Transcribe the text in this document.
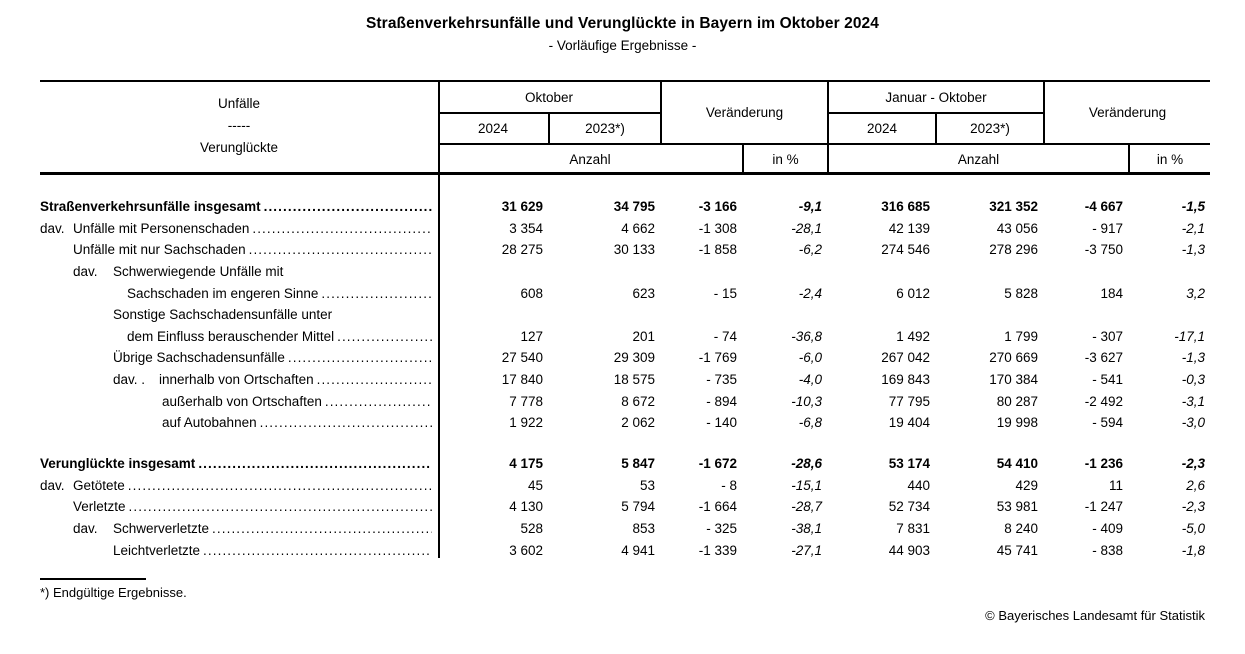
Straßenverkehrsunfälle und Verunglückte in Bayern im Oktober 2024
- Vorläufige Ergebnisse -
Unfälle
-----
Verunglückte
Oktober
Veränderung
Januar - Oktober
Veränderung
2024	2023*)	2024	2023*)
Anzahl	in %	Anzahl	in %
Straßenverkehrsunfälle insgesamt .....	31 629	34 795	-3 166	-9,1	316 685	321 352	-4 667	-1,5
dav. Unfälle mit Personenschaden .....	3 354	4 662	-1 308	-28,1	42 139	43 056	- 917	-2,1
Unfälle mit nur Sachschaden .....	28 275	30 133	-1 858	-6,2	274 546	278 296	-3 750	-1,3
dav.	Schwerwiegende Unfälle mit
Sachschaden im engeren Sinne .....	608	623	- 15	-2,4	6 012	5 828	184	3,2
Sonstige Sachschadensunfälle unter
dem Einfluss berauschender Mittel .....	127	201	- 74	-36,8	1 492	1 799	- 307	-17,1
Übrige Sachschadensunfälle .....	27 540	29 309	-1 769	-6,0	267 042	270 669	-3 627	-1,3
dav. .	innerhalb von Ortschaften .....	17 840	18 575	- 735	-4,0	169 843	170 384	- 541	-0,3
außerhalb von Ortschaften .....	7 778	8 672	- 894	-10,3	77 795	80 287	-2 492	-3,1
auf Autobahnen .....	1 922	2 062	- 140	-6,8	19 404	19 998	- 594	-3,0
Verunglückte insgesamt .....	4 175	5 847	-1 672	-28,6	53 174	54 410	-1 236	-2,3
dav. Getötete .....	45	53	- 8	-15,1	440	429	11	2,6
Verletzte .....	4 130	5 794	-1 664	-28,7	52 734	53 981	-1 247	-2,3
dav.	Schwerverletzte .....	528	853	- 325	-38,1	7 831	8 240	- 409	-5,0
Leichtverletzte .....	3 602	4 941	-1 339	-27,1	44 903	45 741	- 838	-1,8
*) Endgültige Ergebnisse.
© Bayerisches Landesamt für Statistik
